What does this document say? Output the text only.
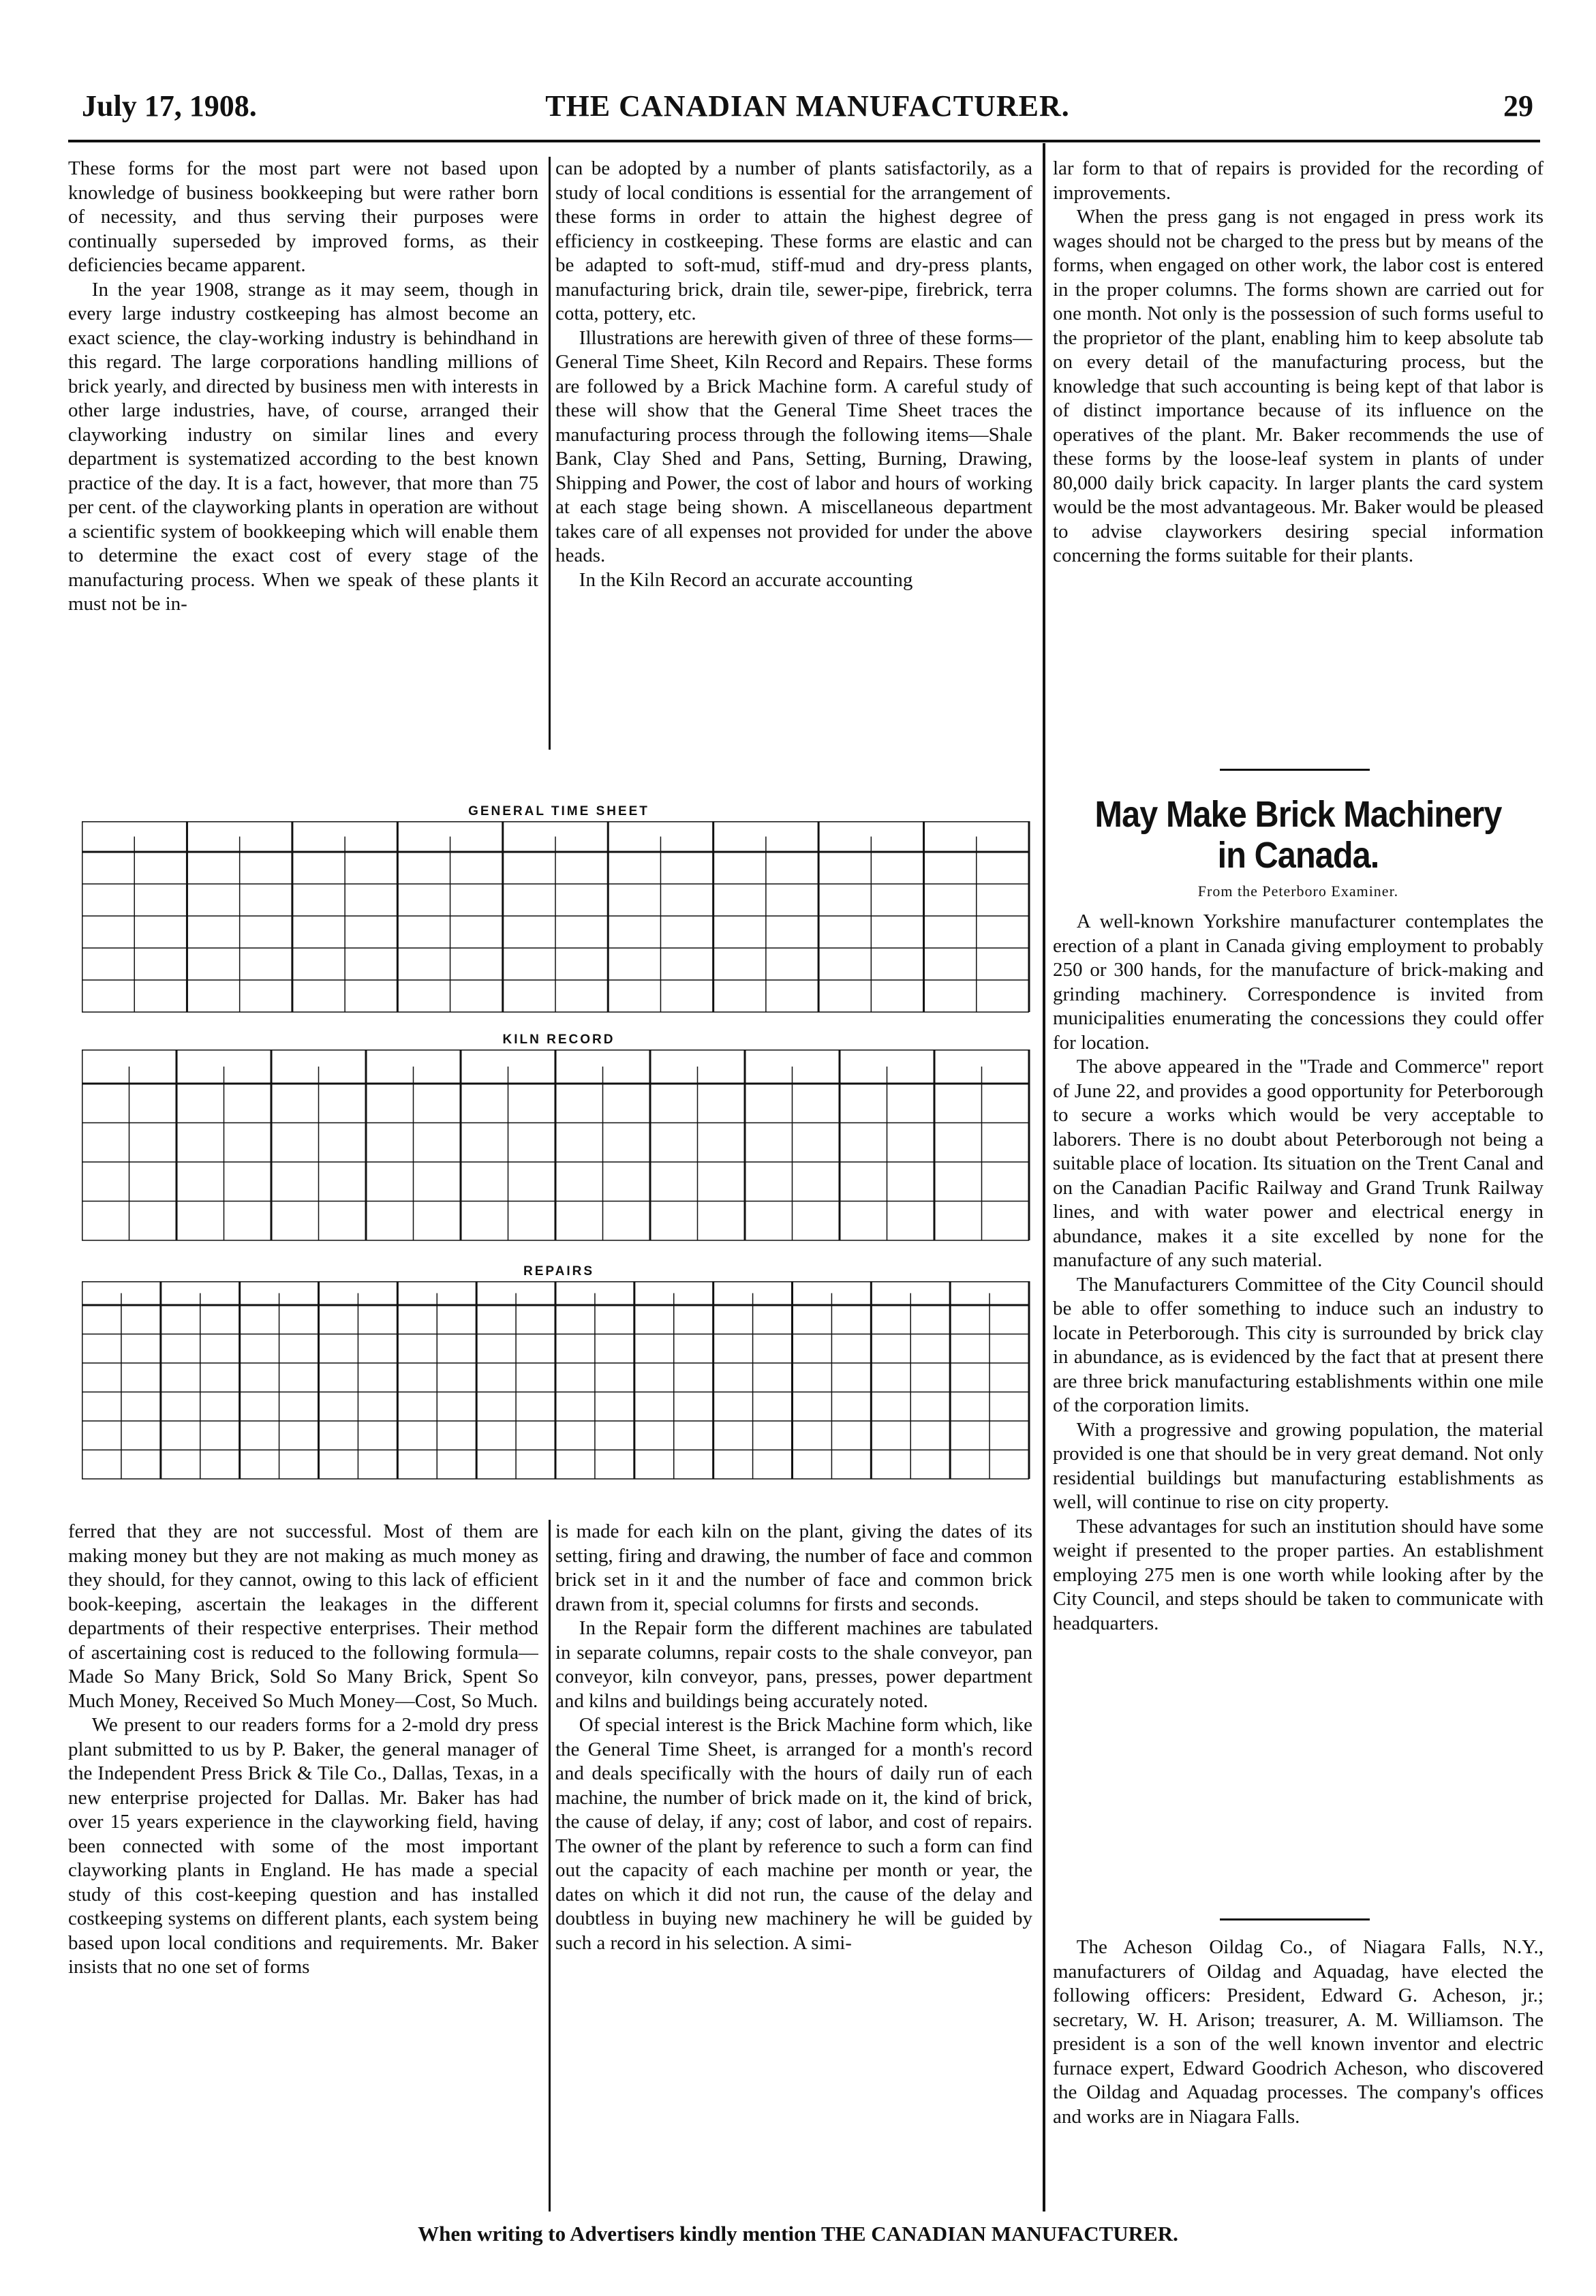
July 17, 1908.	THE CANADIAN MANUFACTURER.	29

These forms for the most part were not based upon knowledge of business bookkeeping but were rather born of necessity, and thus serving their purposes were continually superseded by improved forms, as their deficiencies became apparent.

In the year 1908, strange as it may seem, though in every large industry costkeeping has almost become an exact science, the clay-working industry is behindhand in this regard. The large corporations handling millions of brick yearly, and directed by business men with interests in other large industries, have, of course, arranged their clayworking industry on similar lines and every department is systematized according to the best known practice of the day. It is a fact, however, that more than 75 per cent. of the clayworking plants in operation are without a scientific system of bookkeeping which will enable them to determine the exact cost of every stage of the manufacturing process. When we speak of these plants it must not be in-

can be adopted by a number of plants satisfactorily, as a study of local conditions is essential for the arrangement of these forms in order to attain the highest degree of efficiency in costkeeping. These forms are elastic and can be adapted to soft-mud, stiff-mud and dry-press plants, manufacturing brick, drain tile, sewer-pipe, firebrick, terra cotta, pottery, etc.

Illustrations are herewith given of three of these forms—General Time Sheet, Kiln Record and Repairs. These forms are followed by a Brick Machine form. A careful study of these will show that the General Time Sheet traces the manufacturing process through the following items—Shale Bank, Clay Shed and Pans, Setting, Burning, Drawing, Shipping and Power, the cost of labor and hours of working at each stage being shown. A miscellaneous department takes care of all expenses not provided for under the above heads.

In the Kiln Record an accurate accounting

lar form to that of repairs is provided for the recording of improvements.

When the press gang is not engaged in press work its wages should not be charged to the press but by means of the forms, when engaged on other work, the labor cost is entered in the proper columns. The forms shown are carried out for one month. Not only is the possession of such forms useful to the proprietor of the plant, enabling him to keep absolute tab on every detail of the manufacturing process, but the knowledge that such accounting is being kept of that labor is of distinct importance because of its influence on the operatives of the plant. Mr. Baker recommends the use of these forms by the loose-leaf system in plants of under 80,000 daily brick capacity. In larger plants the card system would be the most advantageous. Mr. Baker would be pleased to advise clayworkers desiring special information concerning the forms suitable for their plants.

GENERAL TIME SHEET
KILN RECORD
REPAIRS
May Make Brick Machinery in Canada.
From the Peterboro Examiner.

A well-known Yorkshire manufacturer contemplates the erection of a plant in Canada giving employment to probably 250 or 300 hands, for the manufacture of brick-making and grinding machinery. Correspondence is invited from municipalities enumerating the concessions they could offer for location.

The above appeared in the "Trade and Commerce" report of June 22, and provides a good opportunity for Peterborough to secure a works which would be very acceptable to laborers. There is no doubt about Peterborough not being a suitable place of location. Its situation on the Trent Canal and on the Canadian Pacific Railway and Grand Trunk Railway lines, and with water power and electrical energy in abundance, makes it a site excelled by none for the manufacture of any such material.

The Manufacturers Committee of the City Council should be able to offer something to induce such an industry to locate in Peterborough. This city is surrounded by brick clay in abundance, as is evidenced by the fact that at present there are three brick manufacturing establishments within one mile of the corporation limits.

With a progressive and growing population, the material provided is one that should be in very great demand. Not only residential buildings but manufacturing establishments as well, will continue to rise on city property.

These advantages for such an institution should have some weight if presented to the proper parties. An establishment employing 275 men is one worth while looking after by the City Council, and steps should be taken to communicate with headquarters.

The Acheson Oildag Co., of Niagara Falls, N.Y., manufacturers of Oildag and Aquadag, have elected the following officers: President, Edward G. Acheson, jr.; secretary, W. H. Arison; treasurer, A. M. Williamson. The president is a son of the well known inventor and electric furnace expert, Edward Goodrich Acheson, who discovered the Oildag and Aquadag processes. The company's offices and works are in Niagara Falls.

ferred that they are not successful. Most of them are making money but they are not making as much money as they should, for they cannot, owing to this lack of efficient book-keeping, ascertain the leakages in the different departments of their respective enterprises. Their method of ascertaining cost is reduced to the following formula—Made So Many Brick, Sold So Many Brick, Spent So Much Money, Received So Much Money—Cost, So Much.

We present to our readers forms for a 2-mold dry press plant submitted to us by P. Baker, the general manager of the Independent Press Brick & Tile Co., Dallas, Texas, in a new enterprise projected for Dallas. Mr. Baker has had over 15 years experience in the clayworking field, having been connected with some of the most important clayworking plants in England. He has made a special study of this cost-keeping question and has installed costkeeping systems on different plants, each system being based upon local conditions and requirements. Mr. Baker insists that no one set of forms

is made for each kiln on the plant, giving the dates of its setting, firing and drawing, the number of face and common brick set in it and the number of face and common brick drawn from it, special columns for firsts and seconds.

In the Repair form the different machines are tabulated in separate columns, repair costs to the shale conveyor, pan conveyor, kiln conveyor, pans, presses, power department and kilns and buildings being accurately noted.

Of special interest is the Brick Machine form which, like the General Time Sheet, is arranged for a month's record and deals specifically with the hours of daily run of each machine, the number of brick made on it, the kind of brick, the cause of delay, if any; cost of labor, and cost of repairs. The owner of the plant by reference to such a form can find out the capacity of each machine per month or year, the dates on which it did not run, the cause of the delay and doubtless in buying new machinery he will be guided by such a record in his selection. A simi-

When writing to Advertisers kindly mention THE CANADIAN MANUFACTURER.
